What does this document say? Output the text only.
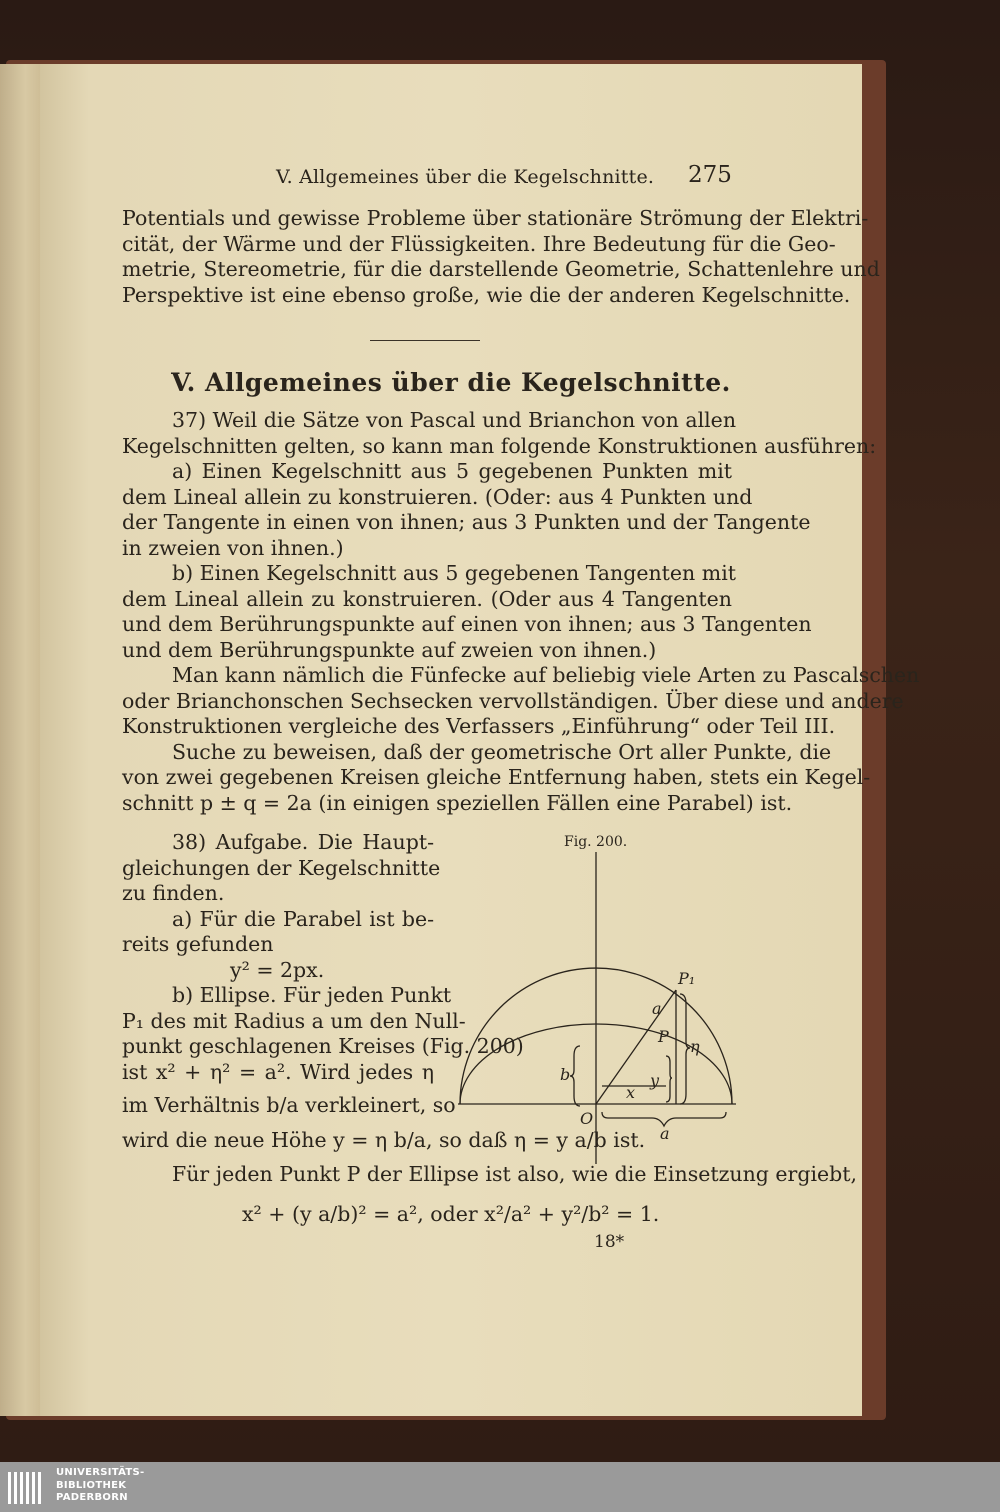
V. Allgemeines über die Kegelschnitte. 275
Potentials und gewisse Probleme über stationäre Strömung der Elektri-
cität, der Wärme und der Flüssigkeiten. Ihre Bedeutung für die Geo-
metrie, Stereometrie, für die darstellende Geometrie, Schattenlehre und
Perspektive ist eine ebenso große, wie die der anderen Kegelschnitte.
V. Allgemeines über die Kegelschnitte.
37) Weil die Sätze von Pascal und Brianchon von allen
Kegelschnitten gelten, so kann man folgende Konstruktionen ausführen:
a) Einen Kegelschnitt aus 5 gegebenen Punkten mit
dem Lineal allein zu konstruieren. (Oder: aus 4 Punkten und
der Tangente in einen von ihnen; aus 3 Punkten und der Tangente
in zweien von ihnen.)
b) Einen Kegelschnitt aus 5 gegebenen Tangenten mit
dem Lineal allein zu konstruieren. (Oder aus 4 Tangenten
und dem Berührungspunkte auf einen von ihnen; aus 3 Tangenten
und dem Berührungspunkte auf zweien von ihnen.)
Man kann nämlich die Fünfecke auf beliebig viele Arten zu Pascalschen
oder Brianchonschen Sechsecken vervollständigen. Über diese und andere
Konstruktionen vergleiche des Verfassers „Einführung“ oder Teil III.
Suche zu beweisen, daß der geometrische Ort aller Punkte, die
von zwei gegebenen Kreisen gleiche Entfernung haben, stets ein Kegel-
schnitt p ± q = 2a (in einigen speziellen Fällen eine Parabel) ist.
38) Aufgabe. Die Haupt-
gleichungen der Kegelschnitte
zu finden.
a) Für die Parabel ist be-
reits gefunden
y² = 2px.
b) Ellipse. Für jeden Punkt
P₁ des mit Radius a um den Null-
punkt geschlagenen Kreises (Fig. 200)
ist x² + η² = a². Wird jedes η
im Verhältnis b/a verkleinert, so
Fig. 200.
P₁
a
P
η
b	y
x
O
a
wird die neue Höhe y = η b/a, so daß η = y a/b ist.
Für jeden Punkt P der Ellipse ist also, wie die Einsetzung ergiebt,
x² + (y a/b)² = a², oder x²/a² + y²/b² = 1.
18*
UNIVERSITÄTS-
BIBLIOTHEK
PADERBORN
